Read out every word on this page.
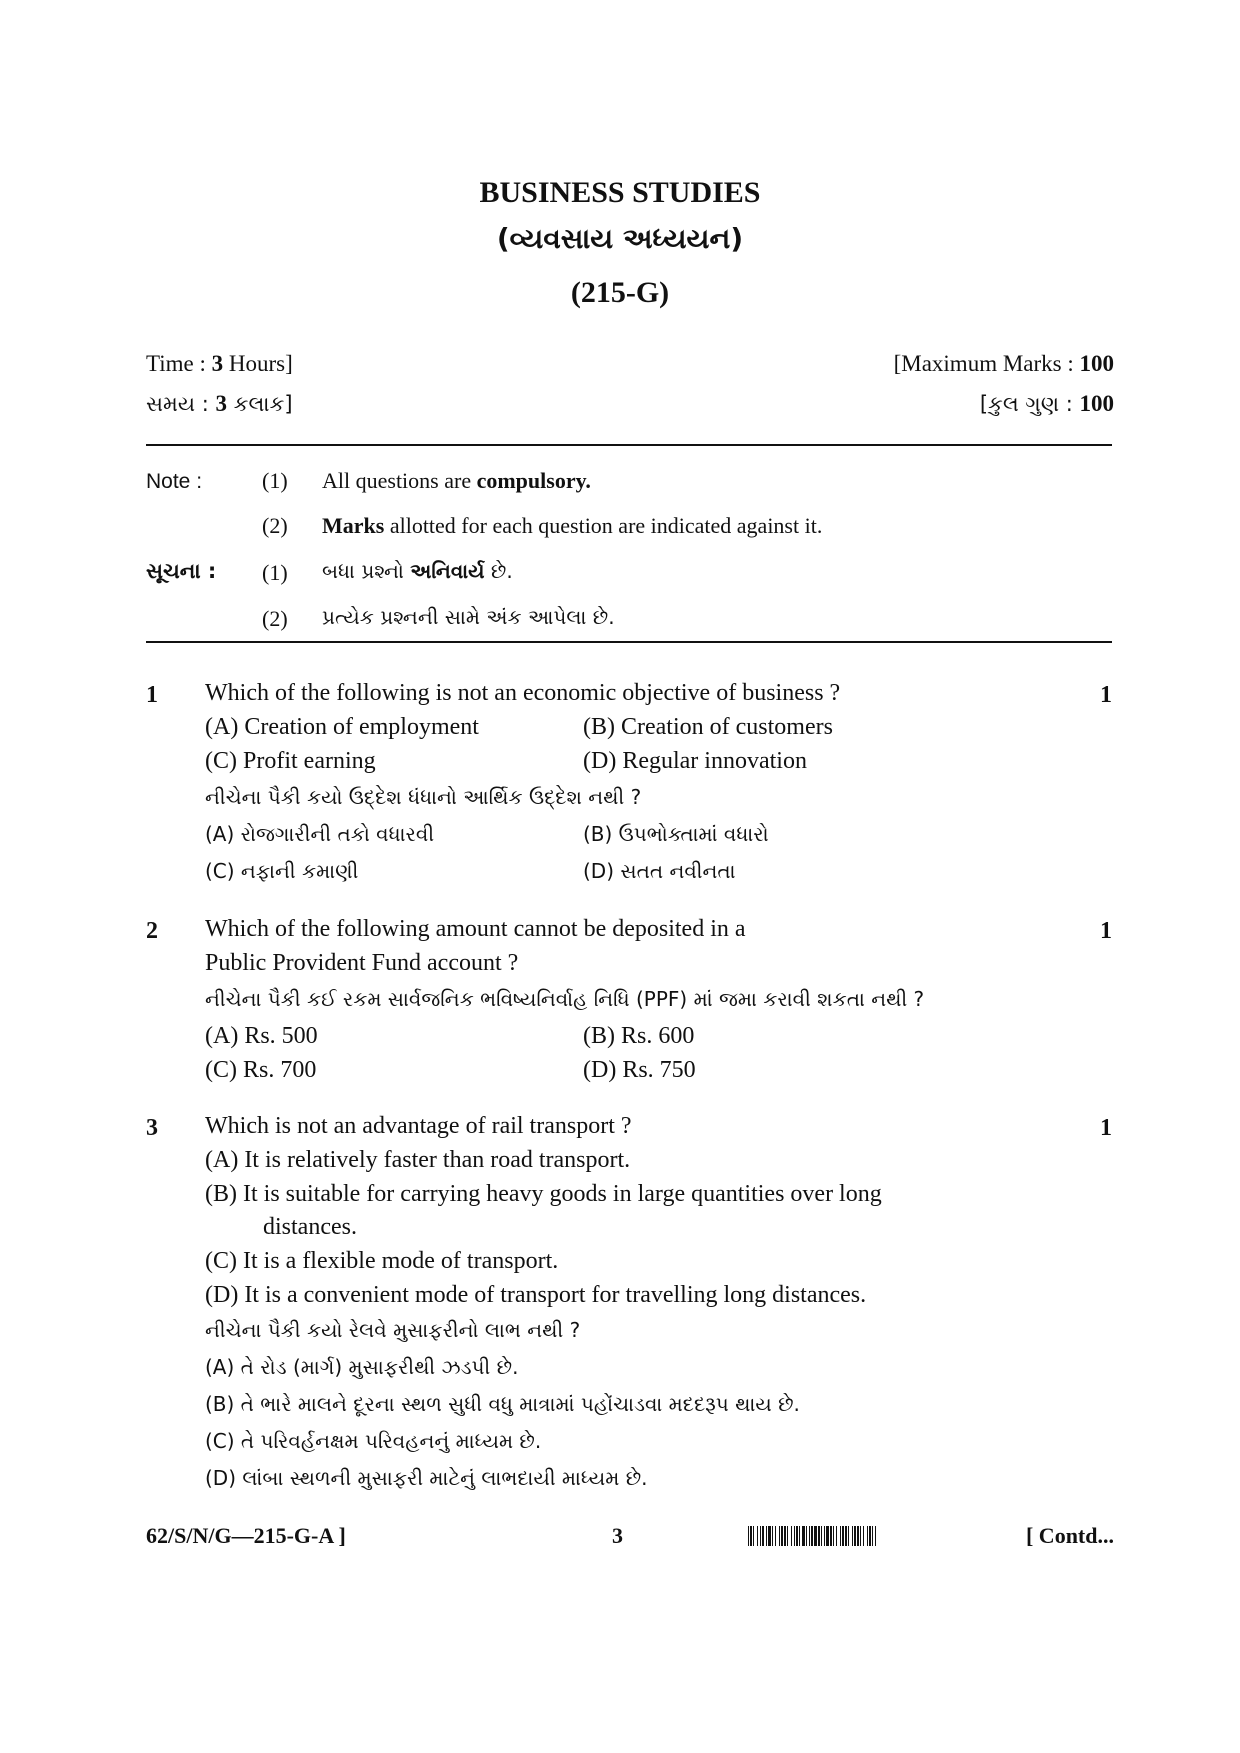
BUSINESS STUDIES
(વ્યવસાય અધ્યયન)
(215-G)
Time : 3 Hours]	[Maximum Marks : 100
સમય : 3 કલાક]	[કુલ ગુણ : 100
Note :	(1) All questions are compulsory.
(2) Marks allotted for each question are indicated against it.
સૂચના : (1) બધા પ્રશ્નો અનિવાર્ય છે.
(2) પ્રત્યેક પ્રશ્નની સામે અંક આપેલા છે.
1 Which of the following is not an economic objective of business ?	1
(A) Creation of employment	(B) Creation of customers
(C) Profit earning	(D) Regular innovation
નીચેના પૈકી કયો ઉદ્દેશ ધંધાનો આર્થિક ઉદ્દેશ નથી ?
(A) રોજગારીની તકો વધારવી	(B) ઉપભોક્તામાં વધારો
(C) નફાની કમાણી	(D) સતત નવીનતા
2 Which of the following amount cannot be deposited in a	1
Public Provident Fund account ?
નીચેના પૈકી કઈ રકમ સાર્વજનિક ભવિષ્યનિર્વાહ નિધિ (PPF) માં જમા કરાવી શકતા નથી ?
(A) Rs. 500	(B) Rs. 600
(C) Rs. 700	(D) Rs. 750
3 Which is not an advantage of rail transport ?	1
(A) It is relatively faster than road transport.
(B) It is suitable for carrying heavy goods in large quantities over long
distances.
(C) It is a flexible mode of transport.
(D) It is a convenient mode of transport for travelling long distances.
નીચેના પૈકી કયો રેલવે મુસાફરીનો લાભ નથી ?
(A) તે રોડ (માર્ગ) મુસાફરીથી ઝડપી છે.
(B) તે ભારે માલને દૂરના સ્થળ સુધી વધુ માત્રામાં પહોંચાડવા મદદરૂપ થાય છે.
(C) તે પરિવર્હનક્ષમ પરિવહનનું માધ્યમ છે.
(D) લાંબા સ્થળની મુસાફરી માટેનું લાભદાયી માધ્યમ છે.
62/S/N/G—215-G-A ]	3	[ Contd...
